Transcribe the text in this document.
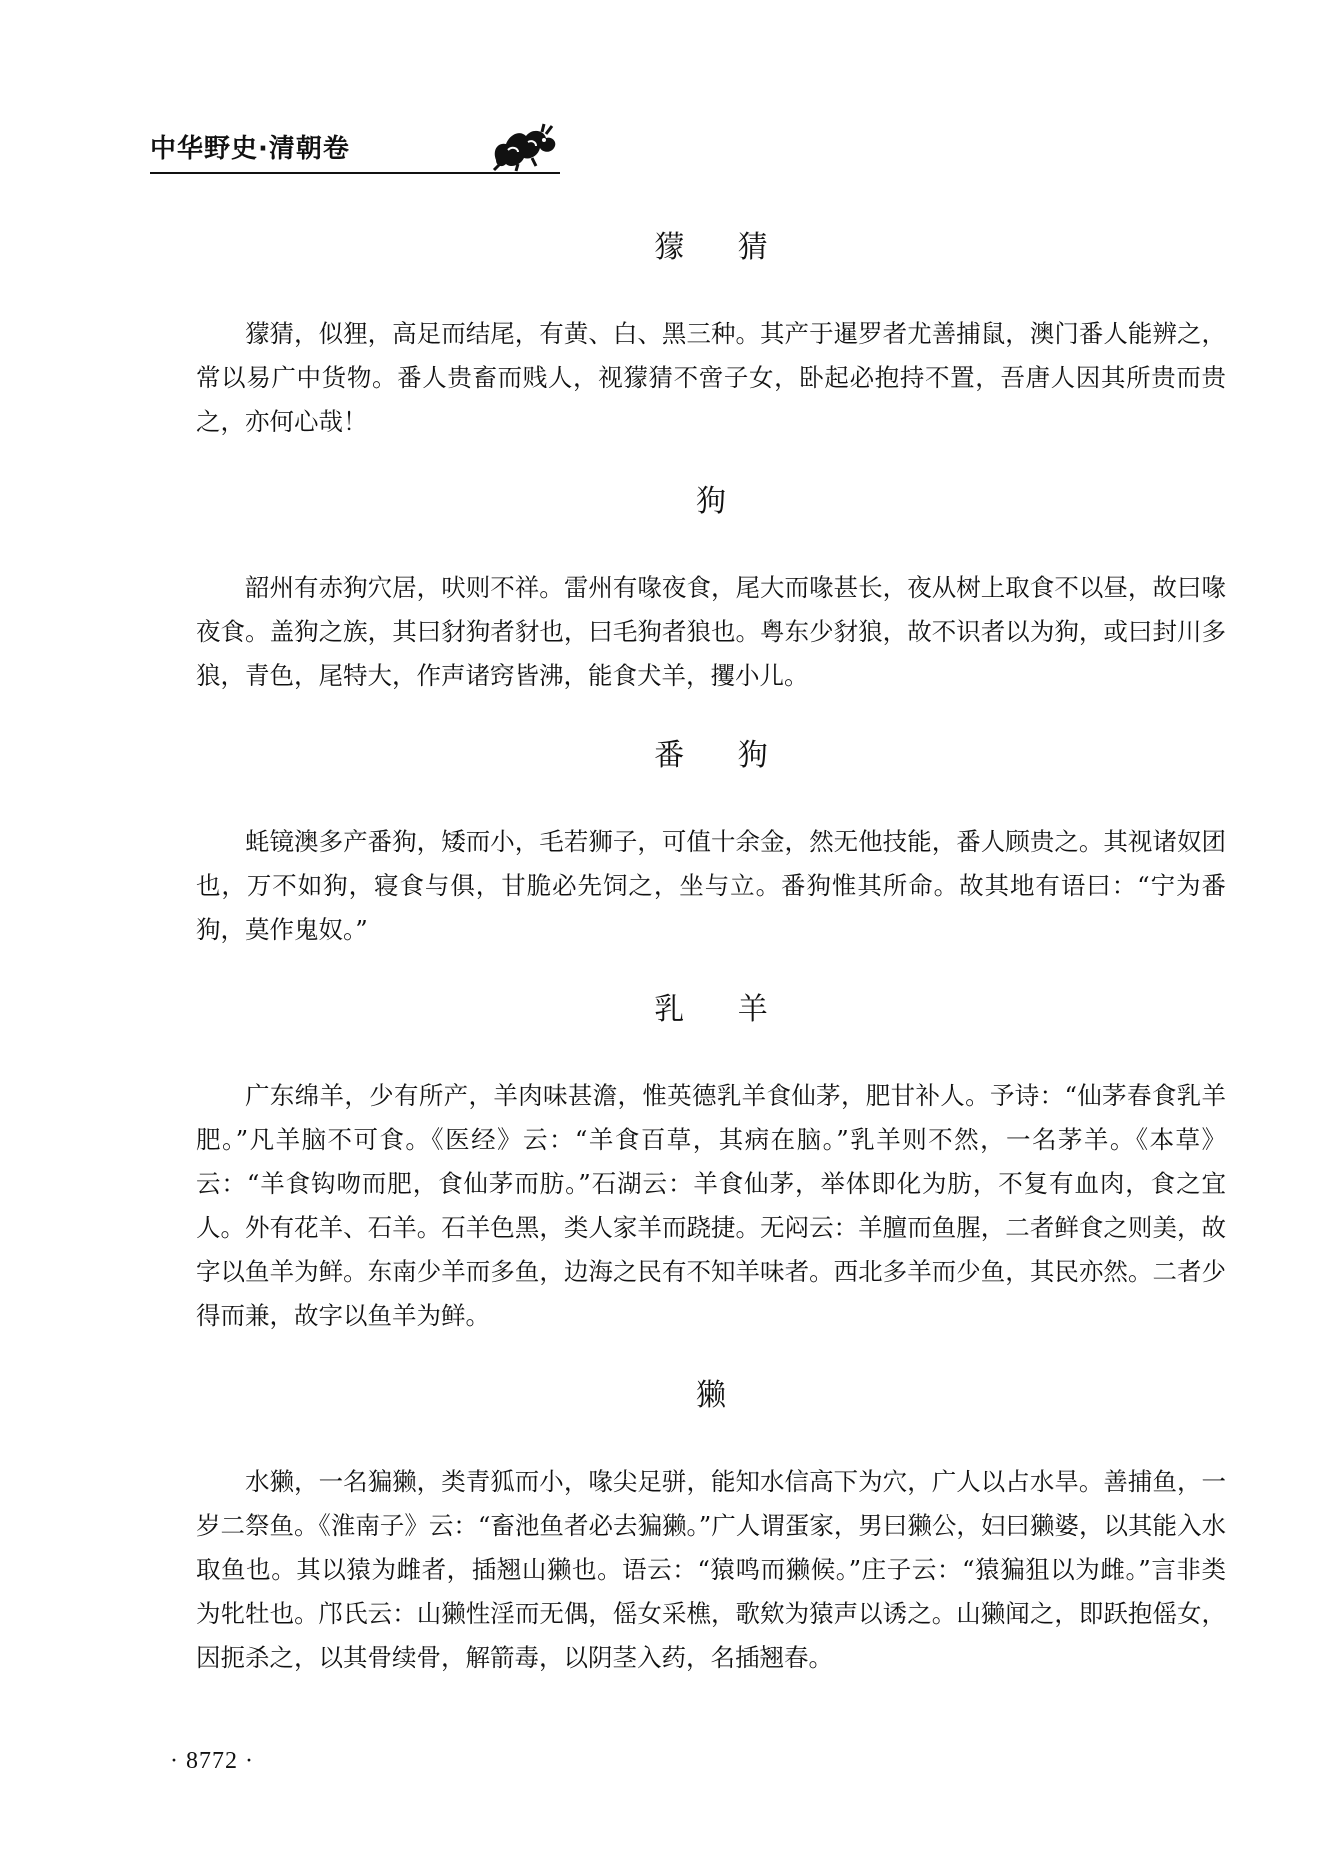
中华野史·清朝卷
獴 猜

獴猜，似狸，高足而结尾，有黄、白、黑三种。其产于暹罗者尤善捕鼠，澳门番人能辨之，常以易广中货物。番人贵畜而贱人，视獴猜不啻子女，卧起必抱持不置，吾唐人因其所贵而贵之，亦何心哉！

狗

韶州有赤狗穴居，吠则不祥。雷州有喙夜食，尾大而喙甚长，夜从树上取食不以昼，故曰喙夜食。盖狗之族，其曰豺狗者豺也，曰毛狗者狼也。粤东少豺狼，故不识者以为狗，或曰封川多狼，青色，尾特大，作声诸窍皆沸，能食犬羊，攫小儿。

番 狗

蚝镜澳多产番狗，矮而小，毛若狮子，可值十余金，然无他技能，番人顾贵之。其视诸奴团也，万不如狗，寝食与俱，甘脆必先饲之，坐与立。番狗惟其所命。故其地有语曰：“宁为番狗，莫作鬼奴。”

乳 羊

广东绵羊，少有所产，羊肉味甚澹，惟英德乳羊食仙茅，肥甘补人。予诗：“仙茅春食乳羊肥。”凡羊脑不可食。《医经》云：“羊食百草，其病在脑。”乳羊则不然，一名茅羊。《本草》云：“羊食钩吻而肥，食仙茅而肪。”石湖云：羊食仙茅，举体即化为肪，不复有血肉，食之宜人。外有花羊、石羊。石羊色黑，类人家羊而跷捷。无闷云：羊膻而鱼腥，二者鲜食之则美，故字以鱼羊为鲜。东南少羊而多鱼，边海之民有不知羊味者。西北多羊而少鱼，其民亦然。二者少得而兼，故字以鱼羊为鲜。

獭

水獭，一名猵獭，类青狐而小，喙尖足骈，能知水信高下为穴，广人以占水旱。善捕鱼，一岁二祭鱼。《淮南子》云：“畜池鱼者必去猵獭。”广人谓蛋家，男曰獭公，妇曰獭婆，以其能入水取鱼也。其以猿为雌者，插翘山獭也。语云：“猿鸣而獭候。”庄子云：“猿猵狙以为雌。”言非类为牝牡也。邝氏云：山獭性淫而无偶，傜女采樵，歌欸为猿声以诱之。山獭闻之，即跃抱傜女，因扼杀之，以其骨续骨，解箭毒，以阴茎入药，名插翘春。

· 8772 ·
